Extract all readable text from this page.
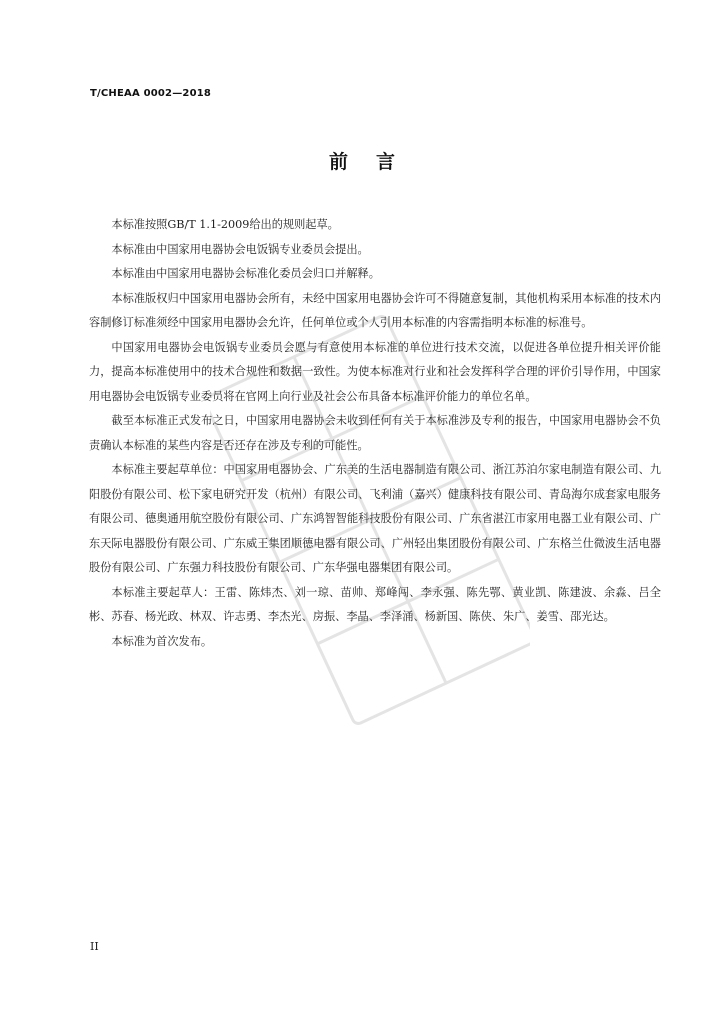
T/CHEAA 0002—2018
前言

本标准按照GB/T 1.1-2009给出的规则起草。

本标准由中国家用电器协会电饭锅专业委员会提出。

本标准由中国家用电器协会标准化委员会归口并解释。

本标准版权归中国家用电器协会所有，未经中国家用电器协会许可不得随意复制，其他机构采用本标准的技术内容制修订标准须经中国家用电器协会允许，任何单位或个人引用本标准的内容需指明本标准的标准号。

中国家用电器协会电饭锅专业委员会愿与有意使用本标准的单位进行技术交流，以促进各单位提升相关评价能力，提高本标准使用中的技术合规性和数据一致性。为使本标准对行业和社会发挥科学合理的评价引导作用，中国家用电器协会电饭锅专业委员将在官网上向行业及社会公布具备本标准评价能力的单位名单。

截至本标准正式发布之日，中国家用电器协会未收到任何有关于本标准涉及专利的报告，中国家用电器协会不负责确认本标准的某些内容是否还存在涉及专利的可能性。

本标准主要起草单位：中国家用电器协会、广东美的生活电器制造有限公司、浙江苏泊尔家电制造有限公司、九阳股份有限公司、松下家电研究开发（杭州）有限公司、飞利浦（嘉兴）健康科技有限公司、青岛海尔成套家电服务有限公司、德奥通用航空股份有限公司、广东鸿智智能科技股份有限公司、广东省湛江市家用电器工业有限公司、广东天际电器股份有限公司、广东威王集团顺德电器有限公司、广州轻出集团股份有限公司、广东格兰仕微波生活电器股份有限公司、广东强力科技股份有限公司、广东华强电器集团有限公司。

本标准主要起草人：王雷、陈炜杰、刘一琼、苗帅、郑峰闯、李永强、陈先鄂、黄业凯、陈建波、余淼、吕全彬、苏春、杨光政、林双、许志勇、李杰光、房振、李晶、李泽涌、杨新国、陈侠、朱广、姜雪、邵光达。

本标准为首次发布。

II
